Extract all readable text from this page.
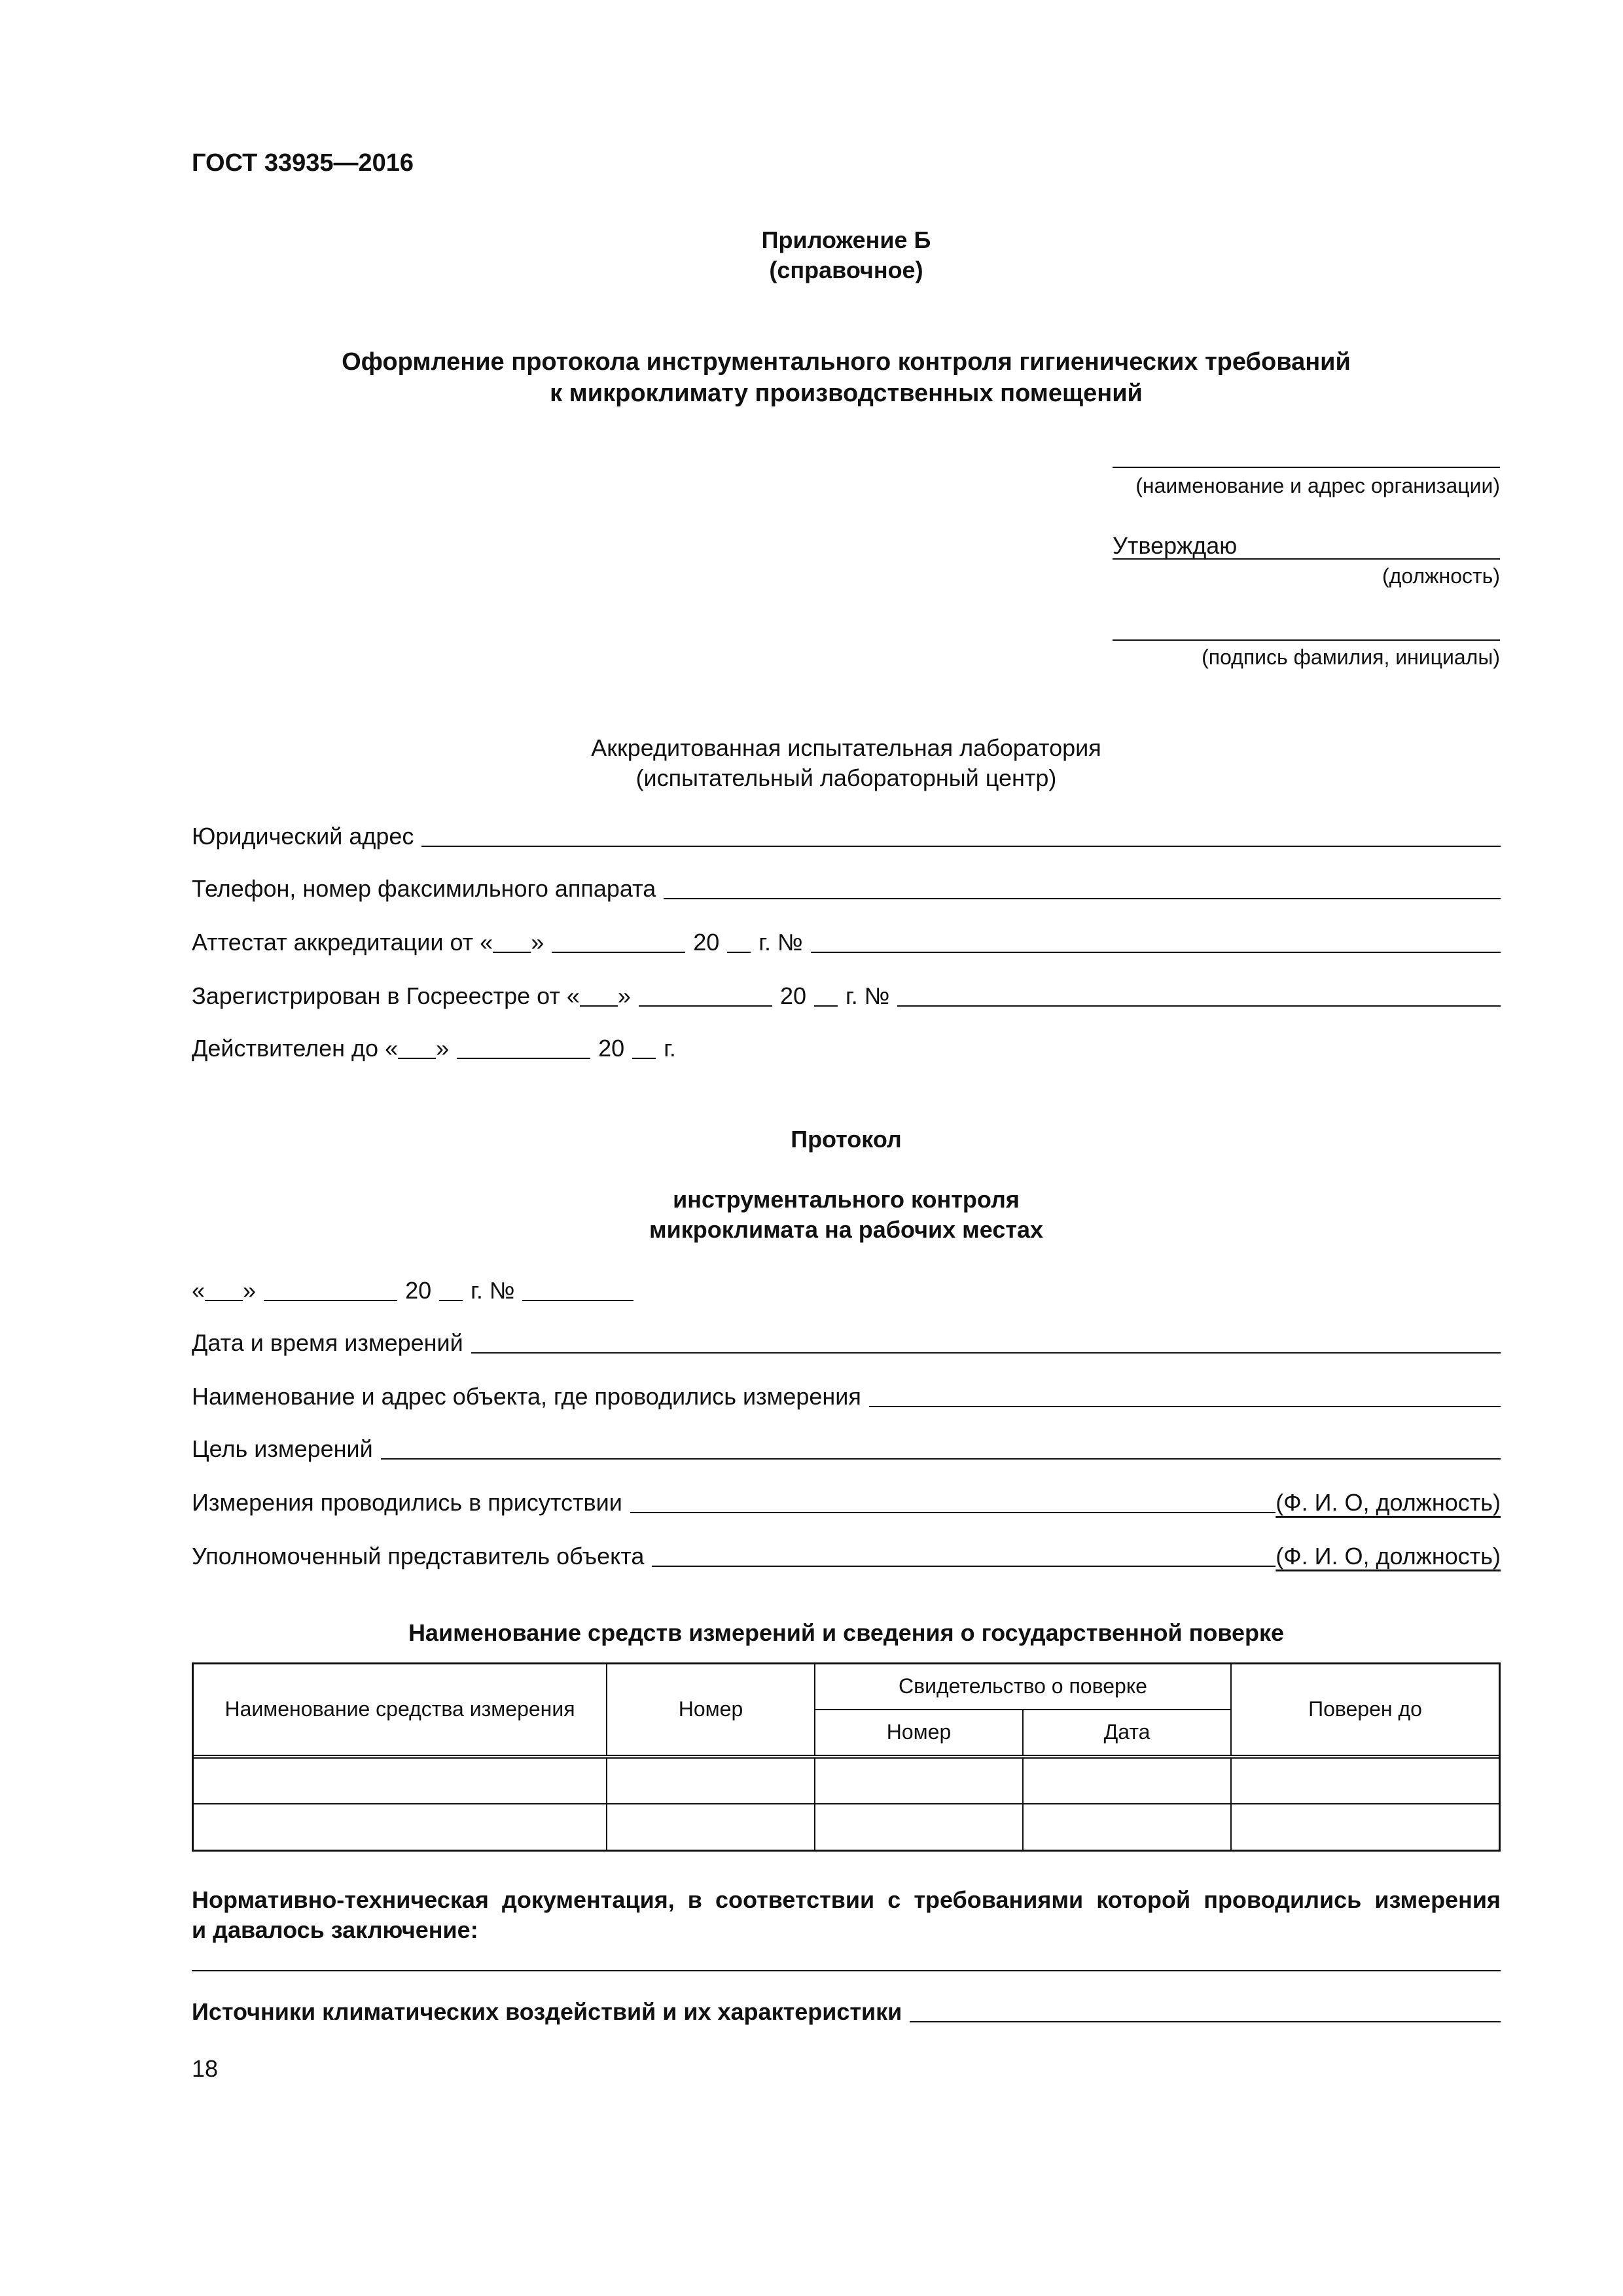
ГОСТ 33935—2016
Приложение Б
(справочное)
Оформление протокола инструментального контроля гигиенических требований
к микроклимату производственных помещений
(наименование и адрес организации)
Утверждаю
(должность)
(подпись фамилия, инициалы)
Аккредитованная испытательная лаборатория
(испытательный лабораторный центр)
Юридический адрес
Телефон, номер факсимильного аппарата
Аттестат аккредитации от « »	20 г. №
Зарегистрирован в Госреестре от « »	20 г. №
Действителен до « »	20 г.
Протокол
инструментального контроля
микроклимата на рабочих местах
« »	20 г. №
Дата и время измерений
Наименование и адрес объекта, где проводились измерения
Цель измерений
Измерения проводились в присутствии	(Ф. И. О, должность)
Уполномоченный представитель объекта	(Ф. И. О, должность)
Наименование средств измерений и сведения о государственной поверке
Наименование средства измерения	Номер	Свидетельство о поверке		Поверен до
		Номер	Дата	

Нормативно-техническая документация, в соответствии с требованиями которой проводились измерения
и давалось заключение:
Источники климатических воздействий и их характеристики
18
